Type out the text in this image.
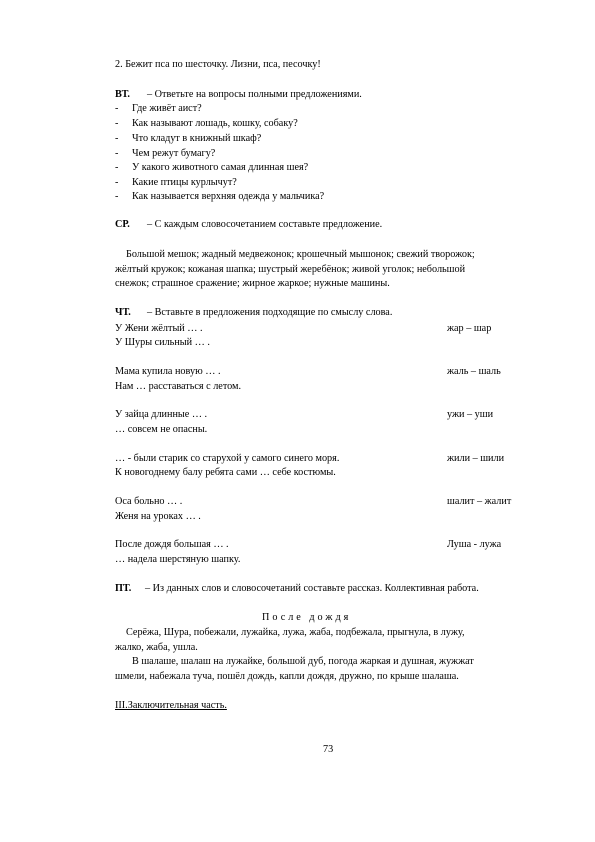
2. Бежит пса по шесточку. Лизни, пса, песочку!
ВТ. – Ответьте на вопросы полными предложениями.
- Где живёт аист?
- Как называют лошадь, кошку, собаку?
- Что кладут в книжный шкаф?
- Чем режут бумагу?
- У какого животного самая длинная шея?
- Какие птицы курлычут?
- Как называется верхняя одежда у мальчика?
СР. – С каждым словосочетанием составьте предложение.
Большой мешок; жадный медвежонок; крошечный мышонок; свежий творожок;
жёлтый кружок; кожаная шапка; шустрый жеребёнок; живой уголок; небольшой
снежок; страшное сражение; жирное жаркое; нужные машины.
ЧТ. – Вставьте в предложения подходящие по смыслу слова.
У Жени жёлтый … .	жар – шар
У Шуры сильный … .
Мама купила новую … .	жаль – шаль
Нам … расставаться с летом.
У зайца длинные … .	ужи – уши
… совсем не опасны.
… - были старик со старухой у самого синего моря.	жили – шили
К новогоднему балу ребята сами … себе костюмы.
Оса больно … .	шалит – жалит
Женя на уроках … .
После дождя большая … .	Луша - лужа
… надела шерстяную шапку.
ПТ. – Из данных слов и словосочетаний составьте рассказ. Коллективная работа.
После дождя
Серёжа, Шура, побежали, лужайка, лужа, жаба, подбежала, прыгнула, в лужу,
жалко, жаба, ушла.
В шалаше, шалаш на лужайке, большой дуб, погода жаркая и душная, жужжат
шмели, набежала туча, пошёл дождь, капли дождя, дружно, по крыше шалаша.
III.Заключительная часть.
73
